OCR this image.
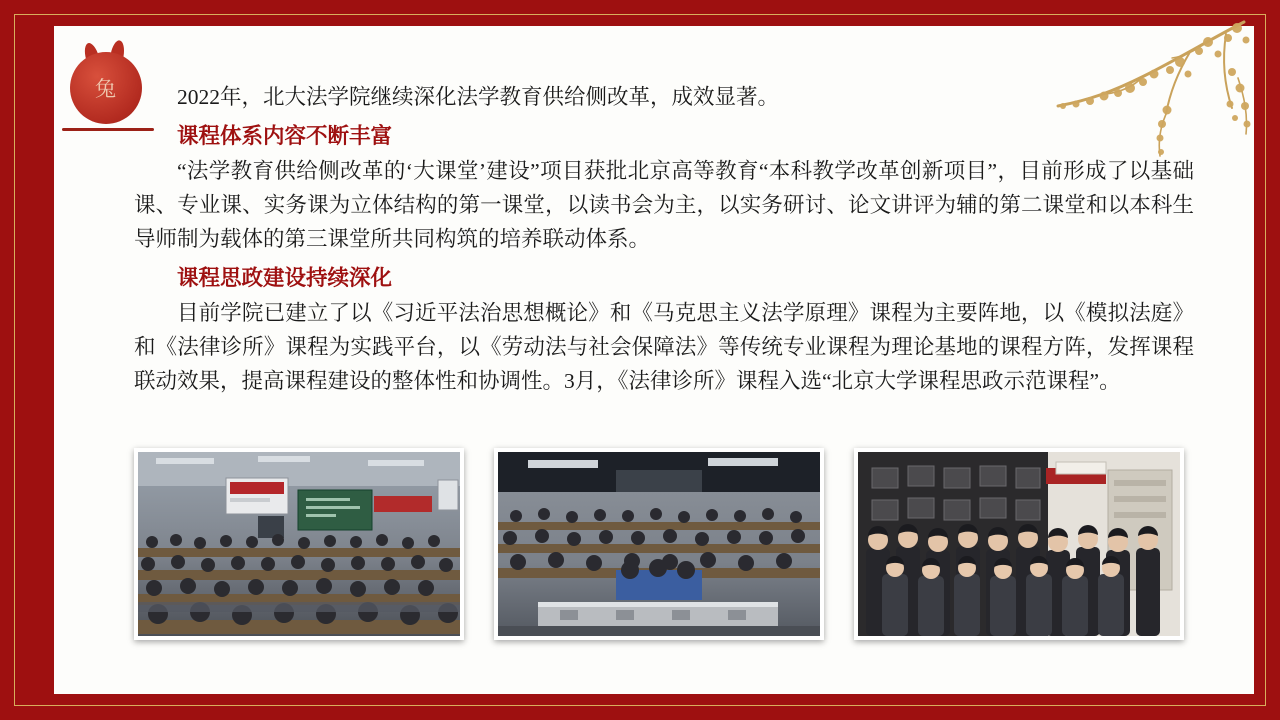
兔	2022年，北大法学院继续深化法学教育供给侧改革，成效显著。

课程体系内容不断丰富

“法学教育供给侧改革的‘大课堂’建设”项目获批北京高等教育“本科教学改革创新项目”，目前形成了以基础课、专业课、实务课为立体结构的第一课堂，以读书会为主，以实务研讨、论文讲评为辅的第二课堂和以本科生导师制为载体的第三课堂所共同构筑的培养联动体系。

课程思政建设持续深化

目前学院已建立了以《习近平法治思想概论》和《马克思主义法学原理》课程为主要阵地，以《模拟法庭》和《法律诊所》课程为实践平台，以《劳动法与社会保障法》等传统专业课程为理论基地的课程方阵，发挥课程联动效果，提高课程建设的整体性和协调性。3月，《法律诊所》课程入选“北京大学课程思政示范课程”。
